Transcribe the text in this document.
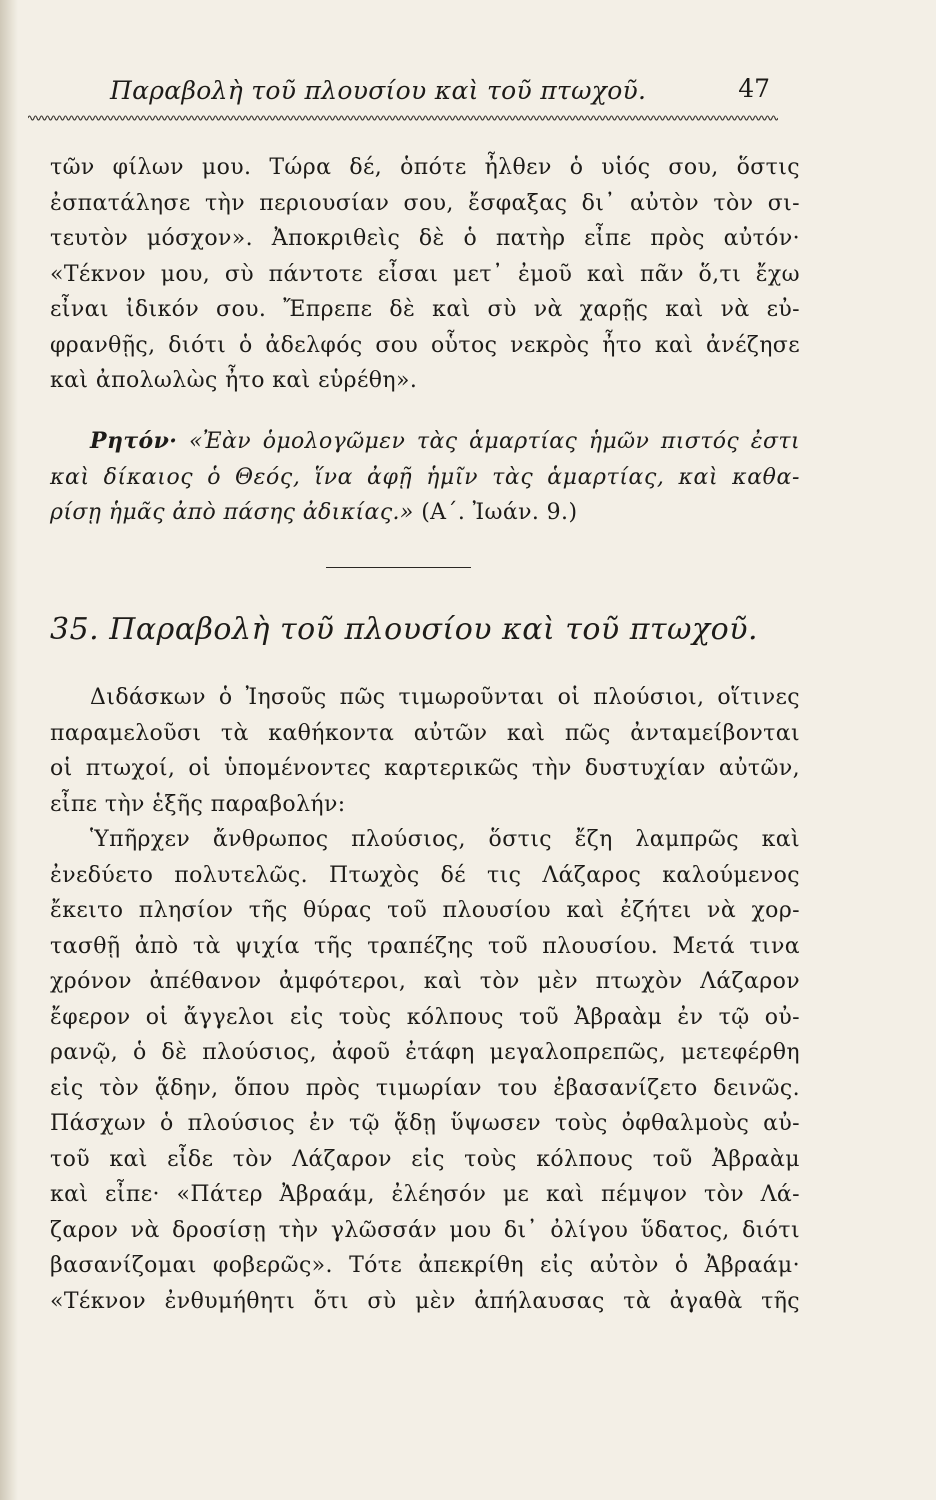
Παραβολὴ τοῦ πλουσίου καὶ τοῦ πτωχοῦ.	47
τῶν φίλων μου. Τώρα δέ, ὁπότε ἦλθεν ὁ υἱός σου, ὅστις
ἐσπατάλησε τὴν περιουσίαν σου, ἔσφαξας δι᾽ αὐτὸν τὸν σι-
τευτὸν μόσχον». Ἀποκριθεὶς δὲ ὁ πατὴρ εἶπε πρὸς αὐτόν·
«Τέκνον μου, σὺ πάντοτε εἶσαι μετ᾽ ἐμοῦ καὶ πᾶν ὅ,τι ἔχω
εἶναι ἰδικόν σου. Ἔπρεπε δὲ καὶ σὺ νὰ χαρῇς καὶ νὰ εὐ-
φρανθῇς, διότι ὁ ἀδελφός σου οὗτος νεκρὸς ἦτο καὶ ἀνέζησε
καὶ ἀπολωλὼς ἦτο καὶ εὑρέθη».
Ρητόν· «Ἐὰν ὁμολογῶμεν τὰς ἁμαρτίας ἡμῶν πιστός ἐστι
καὶ δίκαιος ὁ Θεός, ἵνα ἀφῇ ἡμῖν τὰς ἁμαρτίας, καὶ καθα-
ρίσῃ ἡμᾶς ἀπὸ πάσης ἀδικίας.» (Α΄. Ἰωάν. 9.)
35. Παραβολὴ τοῦ πλουσίου καὶ τοῦ πτωχοῦ.
Διδάσκων ὁ Ἰησοῦς πῶς τιμωροῦνται οἱ πλούσιοι, οἵτινες
παραμελοῦσι τὰ καθήκοντα αὐτῶν καὶ πῶς ἀνταμείβονται
οἱ πτωχοί, οἱ ὑπομένοντες καρτερικῶς τὴν δυστυχίαν αὐτῶν,
εἶπε τὴν ἑξῆς παραβολήν:
Ὑπῆρχεν ἄνθρωπος πλούσιος, ὅστις ἔζη λαμπρῶς καὶ
ἐνεδύετο πολυτελῶς. Πτωχὸς δέ τις Λάζαρος καλούμενος
ἔκειτο πλησίον τῆς θύρας τοῦ πλουσίου καὶ ἐζήτει νὰ χορ-
τασθῇ ἀπὸ τὰ ψιχία τῆς τραπέζης τοῦ πλουσίου. Μετά τινα
χρόνον ἀπέθανον ἀμφότεροι, καὶ τὸν μὲν πτωχὸν Λάζαρον
ἔφερον οἱ ἄγγελοι εἰς τοὺς κόλπους τοῦ Ἀβραὰμ ἐν τῷ οὐ-
ρανῷ, ὁ δὲ πλούσιος, ἀφοῦ ἐτάφη μεγαλοπρεπῶς, μετεφέρθη
εἰς τὸν ᾅδην, ὅπου πρὸς τιμωρίαν του ἐβασανίζετο δεινῶς.
Πάσχων ὁ πλούσιος ἐν τῷ ᾅδῃ ὕψωσεν τοὺς ὀφθαλμοὺς αὐ-
τοῦ καὶ εἶδε τὸν Λάζαρον εἰς τοὺς κόλπους τοῦ Ἀβραὰμ
καὶ εἶπε· «Πάτερ Ἀβραάμ, ἐλέησόν με καὶ πέμψον τὸν Λά-
ζαρον νὰ δροσίσῃ τὴν γλῶσσάν μου δι᾽ ὀλίγου ὕδατος, διότι
βασανίζομαι φοβερῶς». Τότε ἀπεκρίθη εἰς αὐτὸν ὁ Ἀβραάμ·
«Τέκνον ἐνθυμήθητι ὅτι σὺ μὲν ἀπήλαυσας τὰ ἀγαθὰ τῆς
